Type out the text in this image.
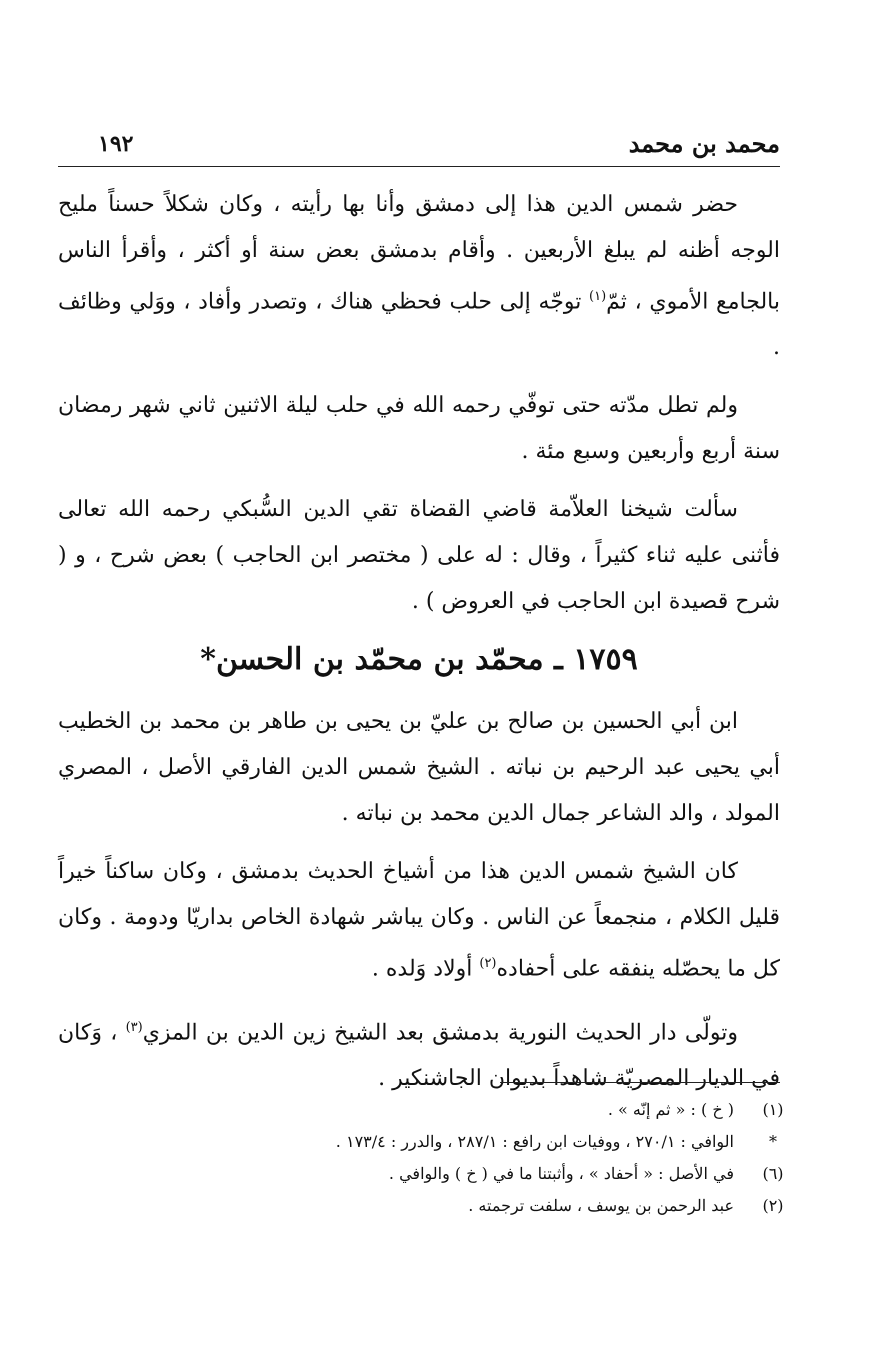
محمد بن محمد
١٩٢

حضر شمس الدين هذا إلى دمشق وأنا بها رأيته ، وكان شكلاً حسناً مليح الوجه أظنه لم يبلغ الأربعين . وأقام بدمشق بعض سنة أو أكثر ، وأقرأ الناس بالجامع الأموي ، ثمّ$^{(١)}$ توجّه إلى حلب فحظي هناك ، وتصدر وأفاد ، ووَلي وظائف .

ولم تطل مدّته حتى توفّي رحمه الله في حلب ليلة الاثنين ثاني شهر رمضان سنة أربع وأربعين وسبع مئة .

سألت شيخنا العلاّمة قاضي القضاة تقي الدين السُّبكي رحمه الله تعالى فأثنى عليه ثناء كثيراً ، وقال : له على ( مختصر ابن الحاجب ) بعض شرح ، و ( شرح قصيدة ابن الحاجب في العروض ) .

١٧٥٩ ـ محمّد بن محمّد بن الحسن*

ابن أبي الحسين بن صالح بن عليّ بن يحيى بن طاهر بن محمد بن الخطيب أبي يحيى عبد الرحيم بن نباته . الشيخ شمس الدين الفارقي الأصل ، المصري المولد ، والد الشاعر جمال الدين محمد بن نباته .

كان الشيخ شمس الدين هذا من أشياخ الحديث بدمشق ، وكان ساكناً خيراً قليل الكلام ، منجمعاً عن الناس . وكان يباشر شهادة الخاص بداريّا ودومة . وكان كل ما يحصّله ينفقه على أحفاده$^{(٢)}$ أولاد وَلده .

وتولّى دار الحديث النورية بدمشق بعد الشيخ زين الدين بن المزي$^{(٣)}$ ، وَكان في الديار المصريّة شاهداً بديوان الجاشنكير .

(١)
( خ ) : « ثم إنّه » .
*
الوافي : ٢٧٠/١ ، ووفيات ابن رافع : ٢٨٧/١ ، والدرر : ١٧٣/٤ .
(٦)
في الأصل : « أحفاد » ، وأثبتنا ما في ( خ ) والوافي .
(٢)
عبد الرحمن بن يوسف ، سلفت ترجمته .
